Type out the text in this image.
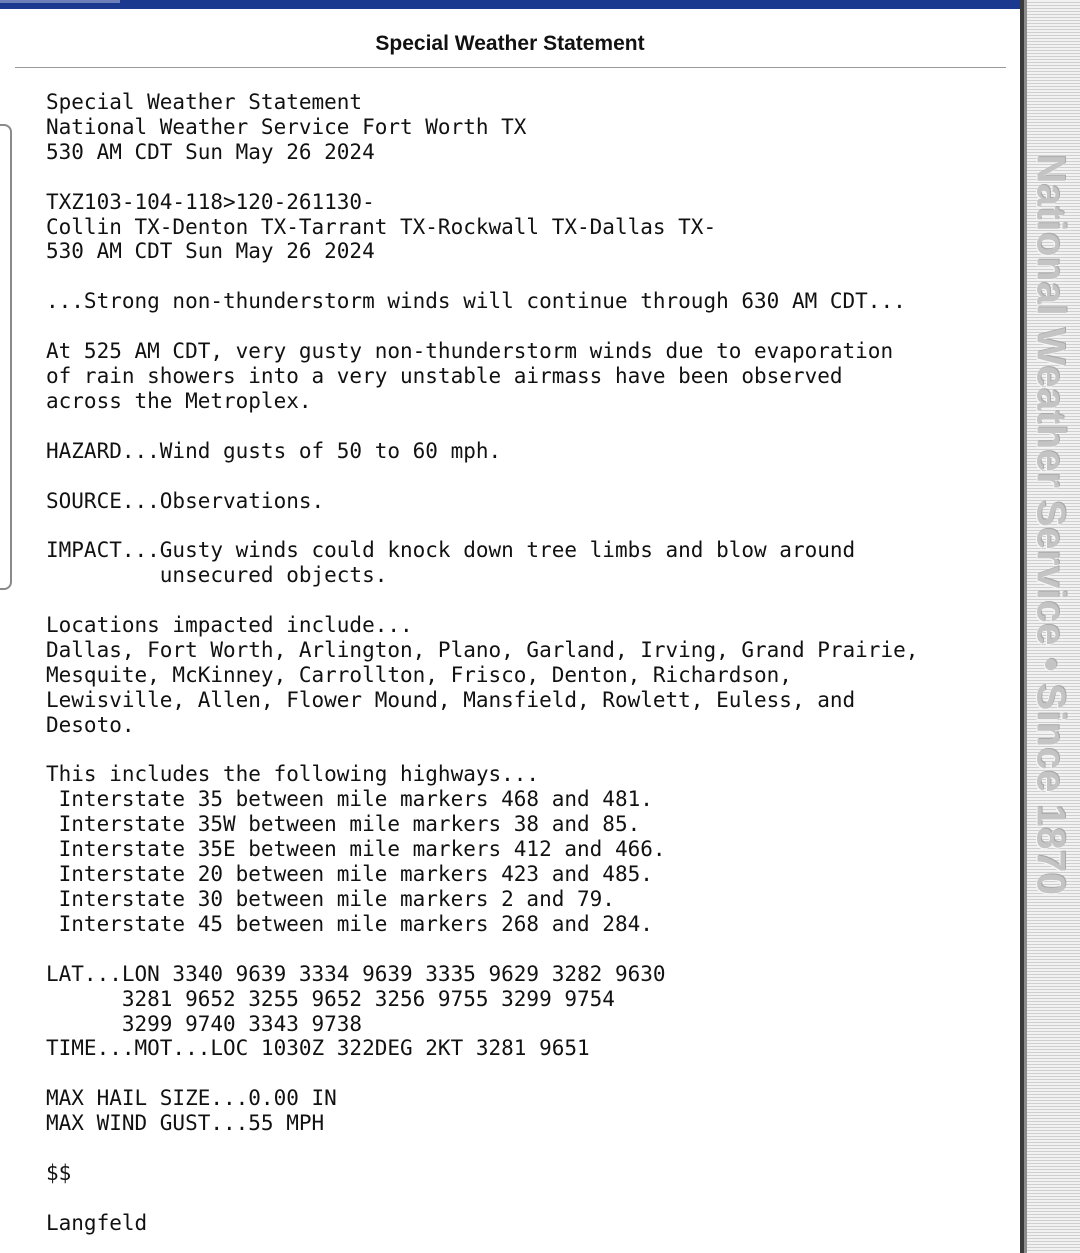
Special Weather Statement
Special Weather Statement
National Weather Service Fort Worth TX
530 AM CDT Sun May 26 2024

TXZ103-104-118>120-261130-
Collin TX-Denton TX-Tarrant TX-Rockwall TX-Dallas TX-
530 AM CDT Sun May 26 2024

...Strong non-thunderstorm winds will continue through 630 AM CDT...

At 525 AM CDT, very gusty non-thunderstorm winds due to evaporation
of rain showers into a very unstable airmass have been observed
across the Metroplex.

HAZARD...Wind gusts of 50 to 60 mph.

SOURCE...Observations.

IMPACT...Gusty winds could knock down tree limbs and blow around
unsecured objects.

Locations impacted include...
Dallas, Fort Worth, Arlington, Plano, Garland, Irving, Grand Prairie,
Mesquite, McKinney, Carrollton, Frisco, Denton, Richardson,
Lewisville, Allen, Flower Mound, Mansfield, Rowlett, Euless, and
Desoto.

This includes the following highways...
Interstate 35 between mile markers 468 and 481.
Interstate 35W between mile markers 38 and 85.
Interstate 35E between mile markers 412 and 466.
Interstate 20 between mile markers 423 and 485.
Interstate 30 between mile markers 2 and 79.
Interstate 45 between mile markers 268 and 284.

LAT...LON 3340 9639 3334 9639 3335 9629 3282 9630
3281 9652 3255 9652 3256 9755 3299 9754
3299 9740 3343 9738
TIME...MOT...LOC 1030Z 322DEG 2KT 3281 9651

MAX HAIL SIZE...0.00 IN
MAX WIND GUST...55 MPH

$$

Langfeld
National Weather Service • Since 1870
